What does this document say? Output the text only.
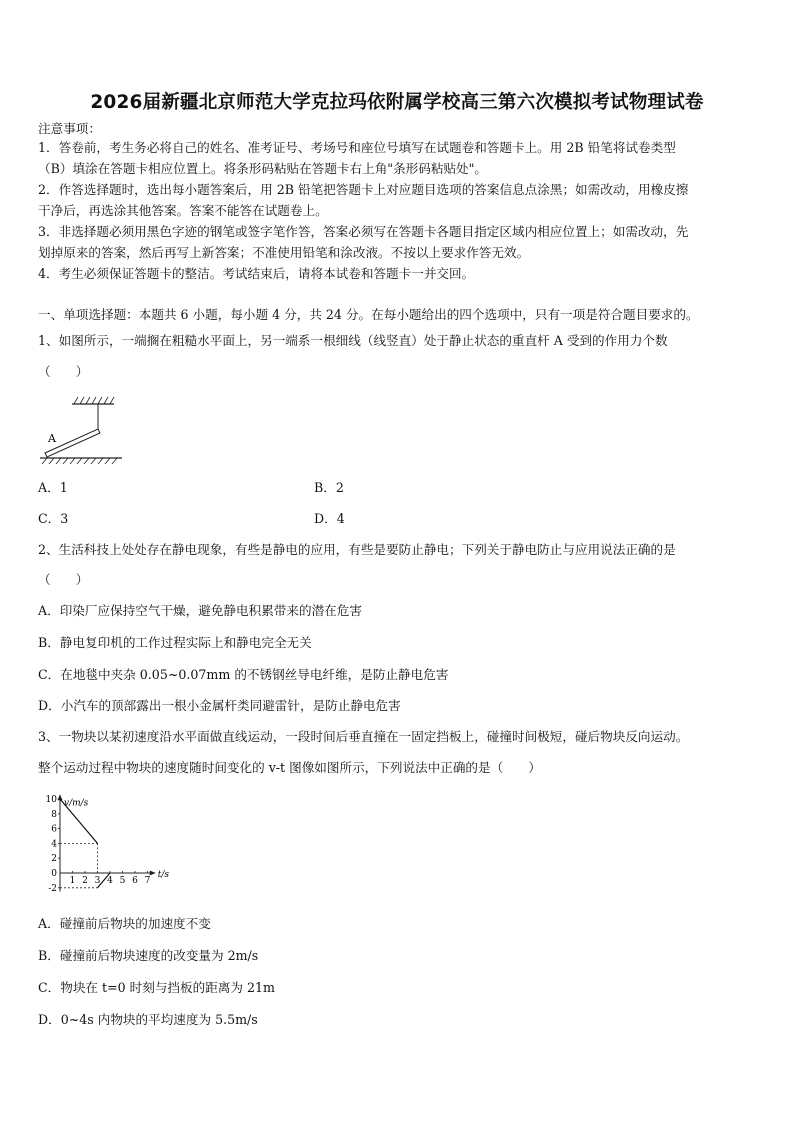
2026届新疆北京师范大学克拉玛依附属学校高三第六次模拟考试物理试卷
注意事项：
1．答卷前，考生务必将自己的姓名、准考证号、考场号和座位号填写在试题卷和答题卡上。用 2B 铅笔将试卷类型
（B）填涂在答题卡相应位置上。将条形码粘贴在答题卡右上角"条形码粘贴处"。
2．作答选择题时，选出每小题答案后，用 2B 铅笔把答题卡上对应题目选项的答案信息点涂黑；如需改动，用橡皮擦
干净后，再选涂其他答案。答案不能答在试题卷上。
3．非选择题必须用黑色字迹的钢笔或签字笔作答，答案必须写在答题卡各题目指定区域内相应位置上；如需改动，先
划掉原来的答案，然后再写上新答案；不准使用铅笔和涂改液。不按以上要求作答无效。
4．考生必须保证答题卡的整洁。考试结束后，请将本试卷和答题卡一并交回。
一、单项选择题：本题共 6 小题，每小题 4 分，共 24 分。在每小题给出的四个选项中，只有一项是符合题目要求的。
1、如图所示，一端搁在粗糙水平面上，另一端系一根细线（线竖直）处于静止状态的重直杆 A 受到的作用力个数
（　　）
A
A．1	B．2
C．3	D．4
2、生活科技上处处存在静电现象，有些是静电的应用，有些是要防止静电；下列关于静电防止与应用说法正确的是
（　　）
A．印染厂应保持空气干燥，避免静电积累带来的潜在危害
B．静电复印机的工作过程实际上和静电完全无关
C．在地毯中夹杂 0.05~0.07mm 的不锈钢丝导电纤维，是防止静电危害
D．小汽车的顶部露出一根小金属杆类同避雷针，是防止静电危害
3、一物块以某初速度沿水平面做直线运动，一段时间后垂直撞在一固定挡板上，碰撞时间极短，碰后物块反向运动。
整个运动过程中物块的速度随时间变化的 v-t 图像如图所示，下列说法中正确的是（　　）
v/m/s
t/s
10
8
6
4
2
0
-2
1 2 3 4 5 6 7
A．碰撞前后物块的加速度不变
B．碰撞前后物块速度的改变量为 2m/s
C．物块在 t=0 时刻与挡板的距离为 21m
D．0~4s 内物块的平均速度为 5.5m/s
